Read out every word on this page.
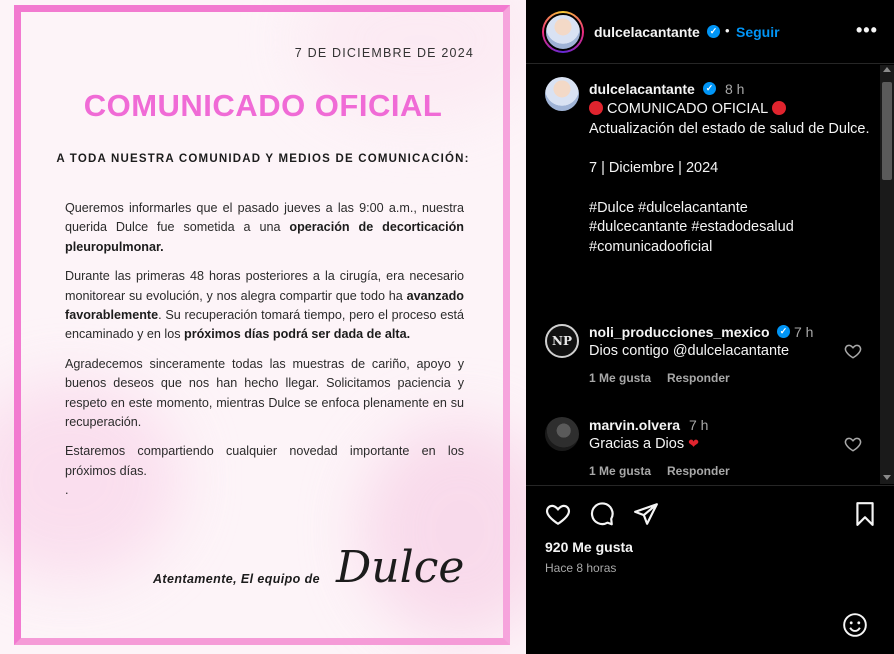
7 DE DICIEMBRE DE 2024
COMUNICADO OFICIAL
A TODA NUESTRA COMUNIDAD Y MEDIOS DE COMUNICACIÓN:

Queremos informarles que el pasado jueves a las 9:00 a.m., nuestra querida Dulce fue sometida a una operación de decorticación pleuropulmonar.

Durante las primeras 48 horas posteriores a la cirugía, era necesario monitorear su evolución, y nos alegra compartir que todo ha avanzado favorablemente. Su recuperación tomará tiempo, pero el proceso está encaminado y en los próximos días podrá ser dada de alta.

Agradecemos sinceramente todas las muestras de cariño, apoyo y buenos deseos que nos han hecho llegar. Solicitamos paciencia y respeto en este momento, mientras Dulce se enfoca plenamente en su recuperación.

Estaremos compartiendo cualquier novedad importante en los próximos días.
.

Atentamente, El equipo de Dulce
dulcelacantante	✓ • Seguir	•••
dulcelacantante	✓ 8 h
COMUNICADO OFICIAL
Actualización del estado de salud de Dulce.

7 | Diciembre | 2024

#Dulce #dulcelacantante
#dulcecantante #estadodesalud
#comunicadooficial
NP
noli_producciones_mexico	✓ 7 h
Dios contigo @dulcelacantante
1 Me gusta Responder
marvin.olvera 7 h
Gracias a Dios ❤
1 Me gusta Responder
920 Me gusta
Hace 8 horas
